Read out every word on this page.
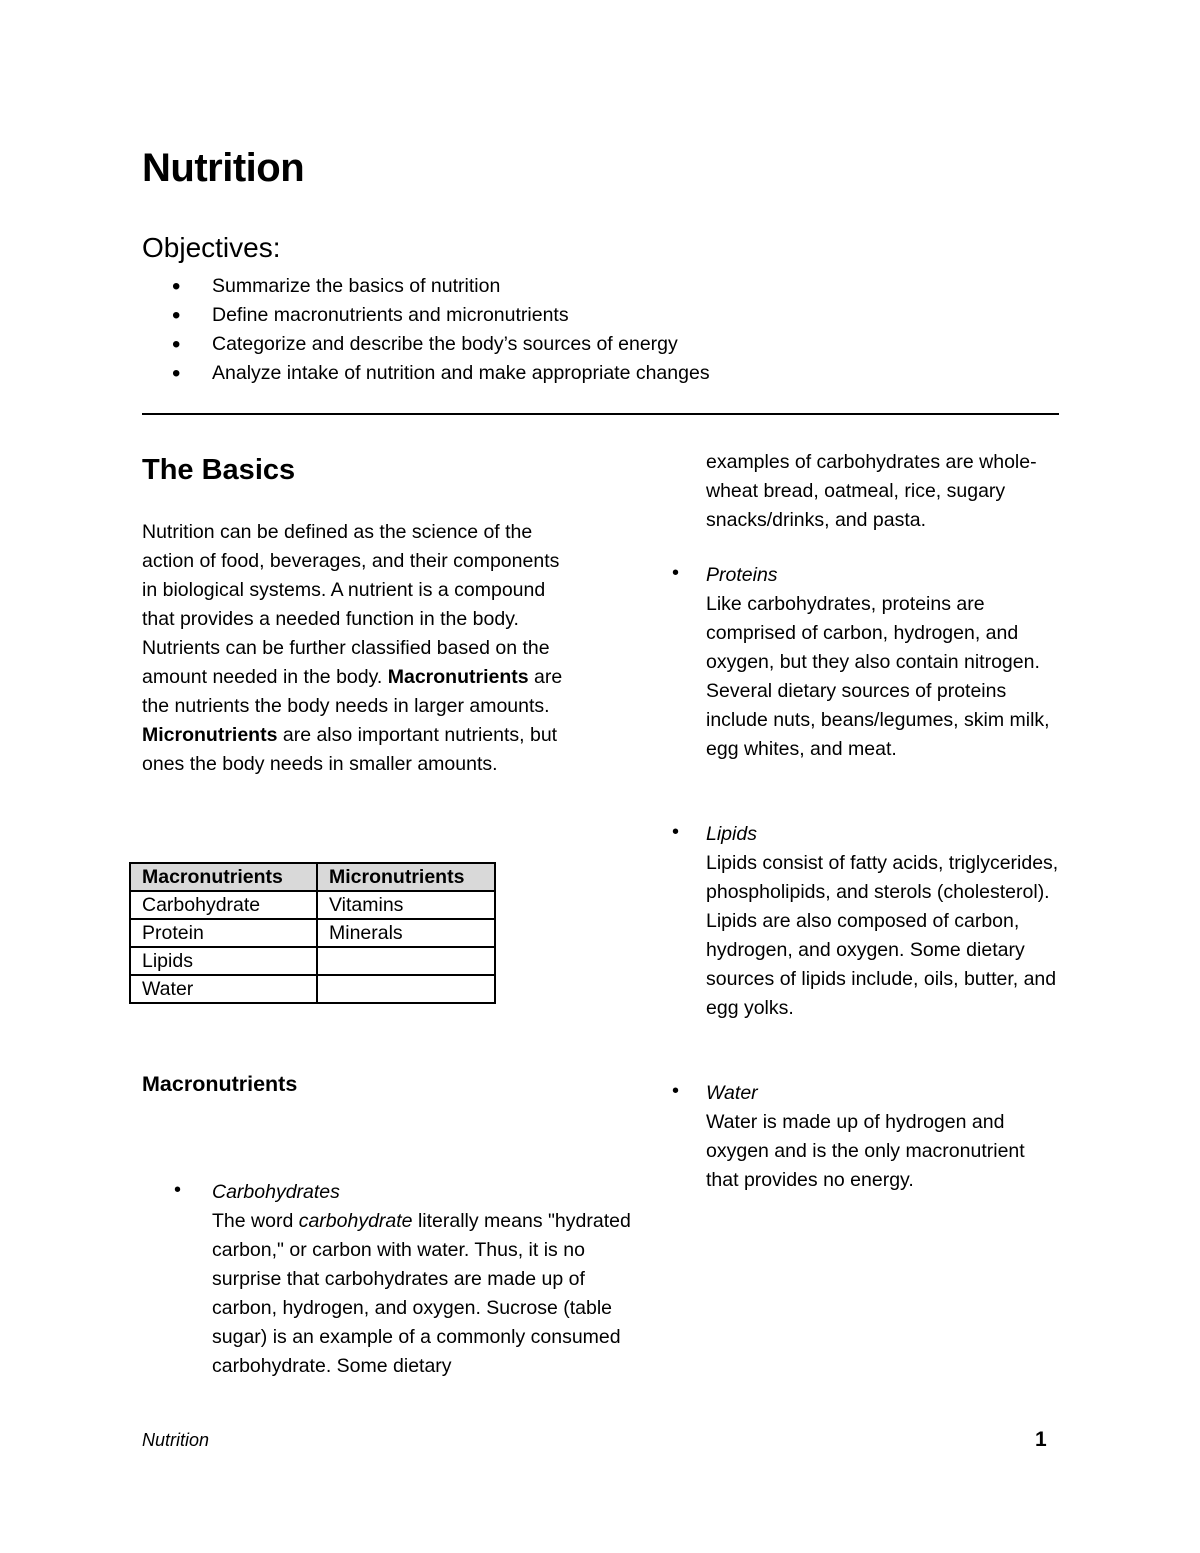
Nutrition
Objectives:
• Summarize the basics of nutrition
• Define macronutrients and micronutrients
• Categorize and describe the body’s sources of energy
• Analyze intake of nutrition and make appropriate changes
The Basics

Nutrition can be defined as the science of the action of food, beverages, and their components in biological systems. A nutrient is a compound that provides a needed function in the body. Nutrients can be further classified based on the amount needed in the body. Macronutrients are the nutrients the body needs in larger amounts. Micronutrients are also important nutrients, but ones the body needs in smaller amounts.

Macronutrients	Micronutrients
Carbohydrate	Vitamins
Protein	Minerals
Lipids	
Water	
Macronutrients
• Carbohydrates

The word carbohydrate literally means "hydrated carbon," or carbon with water. Thus, it is no surprise that carbohydrates are made up of carbon, hydrogen, and oxygen. Sucrose (table sugar) is an example of a commonly consumed carbohydrate. Some dietary

examples of carbohydrates are whole-wheat bread, oatmeal, rice, sugary snacks/drinks, and pasta.

• Proteins

Like carbohydrates, proteins are comprised of carbon, hydrogen, and oxygen, but they also contain nitrogen. Several dietary sources of proteins include nuts, beans/legumes, skim milk, egg whites, and meat.

• Lipids

Lipids consist of fatty acids, triglycerides, phospholipids, and sterols (cholesterol). Lipids are also composed of carbon, hydrogen, and oxygen. Some dietary sources of lipids include, oils, butter, and egg yolks.

• Water

Water is made up of hydrogen and oxygen and is the only macronutrient that provides no energy.

Nutrition	1
